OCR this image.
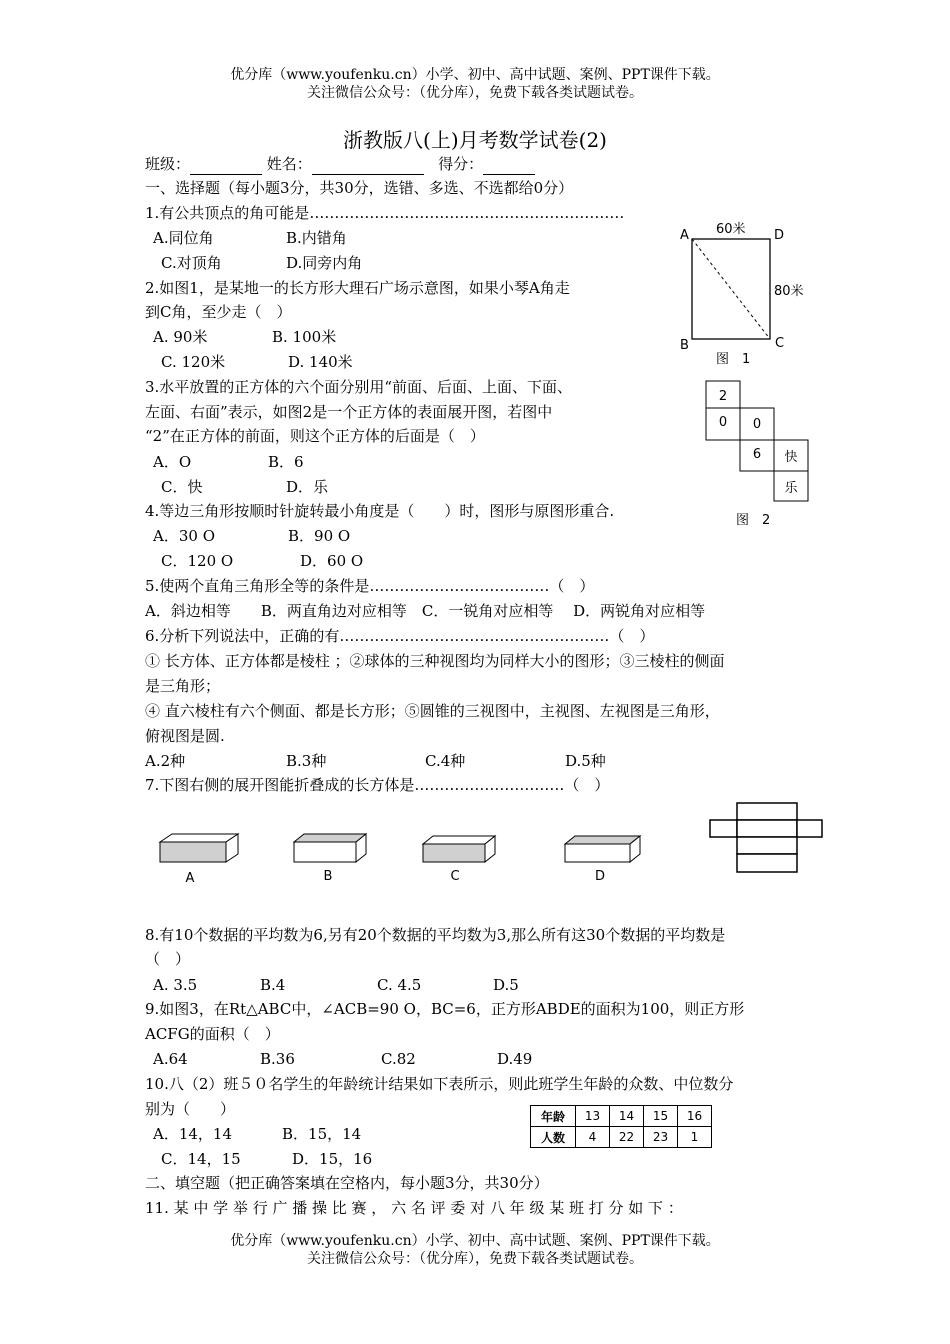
优分库（www.youfenku.cn）小学、初中、高中试题、案例、PPT课件下载。
关注微信公众号：（优分库），免费下载各类试题试卷。
浙教版八(上)月考数学试卷(2)
班级：	姓名：	得分：
一、选择题（每小题3分，共30分，选错、多选、不选都给0分）
1.有公共顶点的角可能是………………………………………………………
A.同位角	B.内错角
C.对顶角	D.同旁内角
2.如图1，是某地一的长方形大理石广场示意图，如果小琴A角走
到C角，至少走（　）
A. 90米	B. 100米
C. 120米	D. 140米
3.水平放置的正方体的六个面分别用“前面、后面、上面、下面、
左面、右面”表示，如图2是一个正方体的表面展开图，若图中
“2”在正方体的前面，则这个正方体的后面是（　）
A．O	B．6
C．快	D．乐
4.等边三角形按顺时针旋转最小角度是（　　）时，图形与原图形重合.
A．30 O	B．90 O
C．120 O	D．60 O
5.使两个直角三角形全等的条件是………………………………（　）
A．斜边相等　　B．两直角边对应相等　C．一锐角对应相等　 D．两锐角对应相等
6.分析下列说法中，正确的有………………………………………………（　）
① 长方体、正方体都是棱柱 ；②球体的三种视图均为同样大小的图形；③三棱柱的侧面
是三角形；
④ 直六棱柱有六个侧面、都是长方形；⑤圆锥的三视图中，主视图、左视图是三角形，
俯视图是圆.
A.2种	B.3种	C.4种	D.5种
7.下图右侧的展开图能折叠成的长方体是…………………………（　）
A	B	C	D
8.有10个数据的平均数为6,另有20个数据的平均数为3,那么所有这30个数据的平均数是
（　）
A. 3.5	B.4	C. 4.5	D.5
9.如图3，在Rt△ABC中，∠ACB=90 O，BC=6，正方形ABDE的面积为100，则正方形
ACFG的面积（　）
A.64	B.36	C.82	D.49
10.八（2）班５０名学生的年龄统计结果如下表所示，则此班学生年龄的众数、中位数分
别为（　　）
A．14，14	B．15，14
C．14，15	D．15，16
年龄	13	14	15	16
人数	4	22	23	1
二、填空题（把正确答案填在空格内，每小题3分，共30分）
11. 某 中 学 举 行 广 播 操 比 赛 ， 六 名 评 委 对 八 年 级 某 班 打 分 如 下 ：
A
B	C
D
60米
80米
图　1
2
0 0
6 快
乐
图　2
优分库（www.youfenku.cn）小学、初中、高中试题、案例、PPT课件下载。
关注微信公众号：（优分库），免费下载各类试题试卷。
